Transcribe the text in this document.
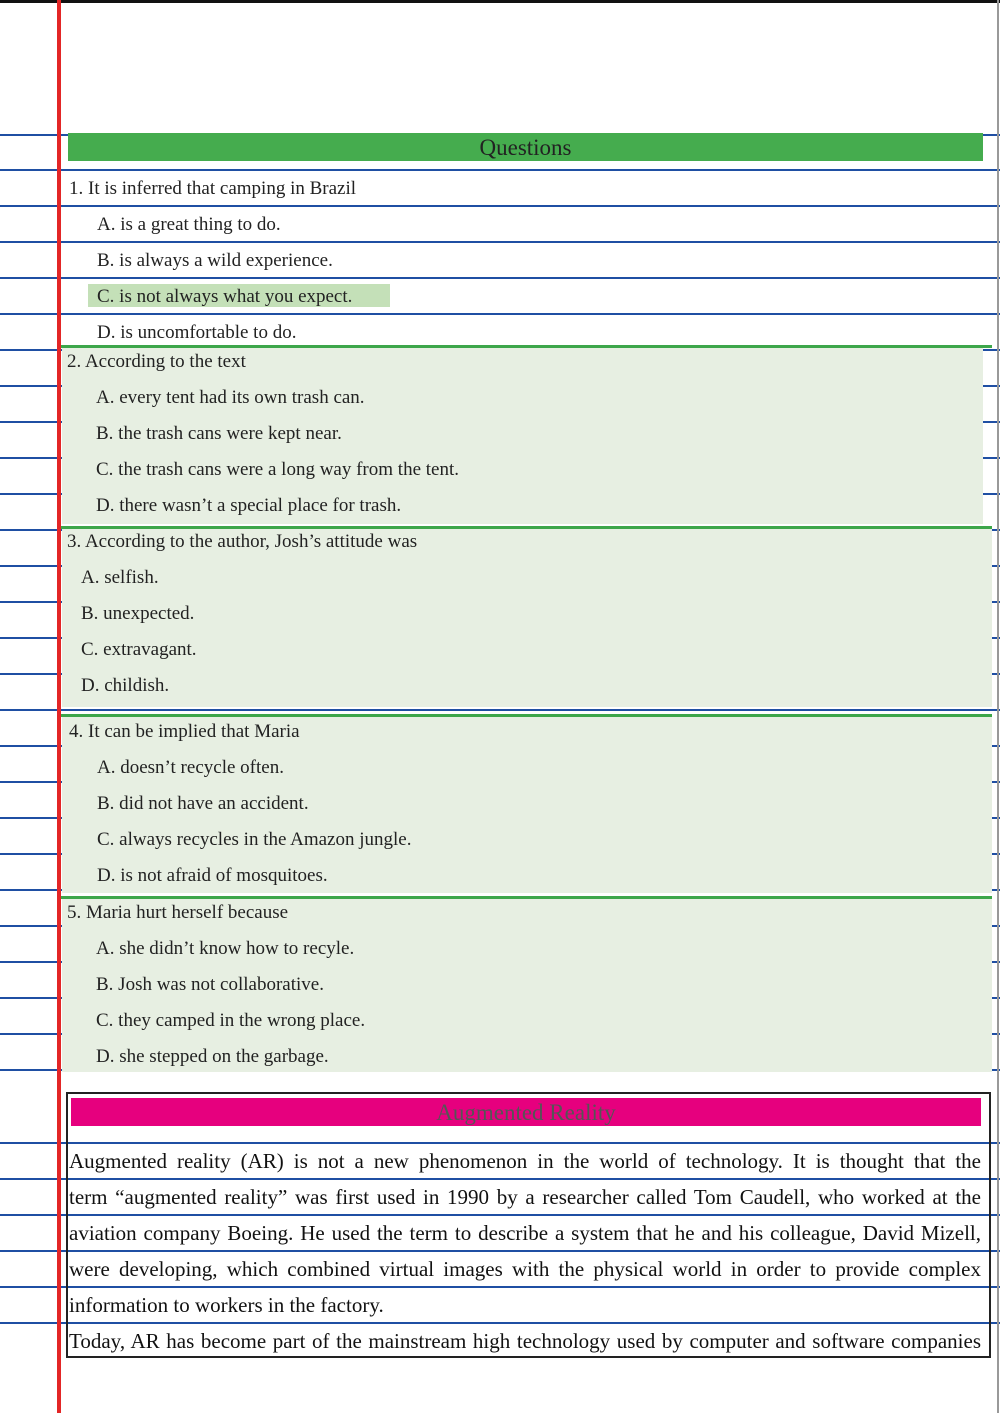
Questions
1. It is inferred that camping in Brazil
A. is a great thing to do.
B. is always a wild experience.
C. is not always what you expect.
D. is uncomfortable to do.
2. According to the text
A. every tent had its own trash can.
B. the trash cans were kept near.
C. the trash cans were a long way from the tent.
D. there wasn’t a special place for trash.
3. According to the author, Josh’s attitude was
A. selfish.
B. unexpected.
C. extravagant.
D. childish.
4. It can be implied that Maria
A. doesn’t recycle often.
B. did not have an accident.
C. always recycles in the Amazon jungle.
D. is not afraid of mosquitoes.
5. Maria hurt herself because
A. she didn’t know how to recyle.
B. Josh was not collaborative.
C. they camped in the wrong place.
D. she stepped on the garbage.
Augmented Reality
Augmented reality (AR) is not a new phenomenon in the world of technology. It is thought that the
term “augmented reality” was first used in 1990 by a researcher called Tom Caudell, who worked at the
aviation company Boeing. He used the term to describe a system that he and his colleague, David Mizell,
were developing, which combined virtual images with the physical world in order to provide complex
information to workers in the factory.
Today, AR has become part of the mainstream high technology used by computer and software companies
